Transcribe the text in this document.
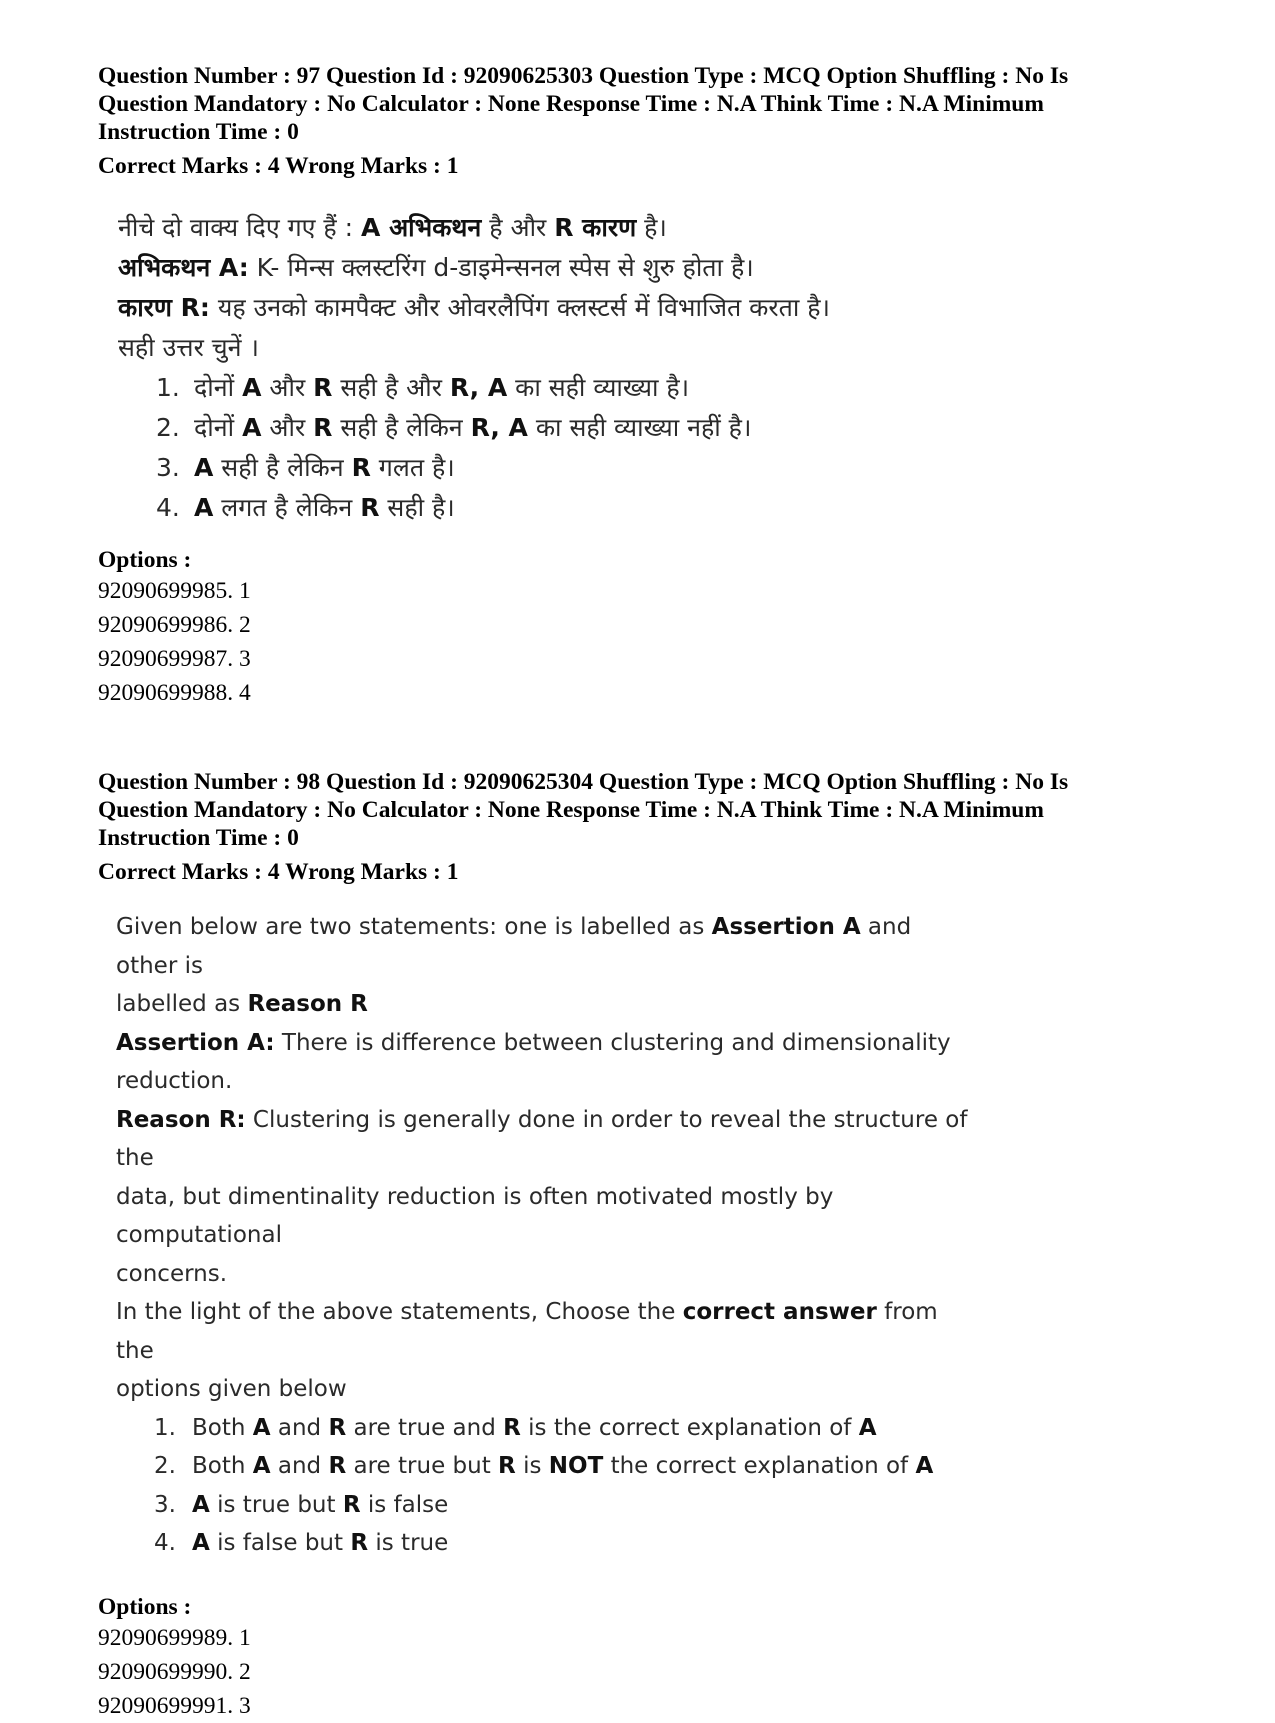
Question Number : 97 Question Id : 92090625303 Question Type : MCQ Option Shuffling : No Is

Question Mandatory : No Calculator : None Response Time : N.A Think Time : N.A Minimum

Instruction Time : 0

Correct Marks : 4 Wrong Marks : 1

नीचे दो वाक्य दिए गए हैं : A अभिकथन है और R कारण है।

अभिकथन A: K- मिन्स क्लस्टरिंग d-डाइमेन्सनल स्पेस से शुरु होता है।

कारण R: यह उनको कामपैक्ट और ओवरलैपिंग क्लस्टर्स में विभाजित करता है।

सही उत्तर चुनें ।

1. दोनों A और R सही है और R, A का सही व्याख्या है।
2. दोनों A और R सही है लेकिन R, A का सही व्याख्या नहीं है।
3. A सही है लेकिन R गलत है।
4. A लगत है लेकिन R सही है।

Options :

92090699985. 1

92090699986. 2

92090699987. 3

92090699988. 4

Question Number : 98 Question Id : 92090625304 Question Type : MCQ Option Shuffling : No Is

Question Mandatory : No Calculator : None Response Time : N.A Think Time : N.A Minimum

Instruction Time : 0

Correct Marks : 4 Wrong Marks : 1

Given below are two statements: one is labelled as Assertion A and other is

labelled as Reason R

Assertion A: There is difference between clustering and dimensionality

reduction.

Reason R: Clustering is generally done in order to reveal the structure of the

data, but dimentinality reduction is often motivated mostly by computational

concerns.

In the light of the above statements, Choose the correct answer from the

options given below

1. Both A and R are true and R is the correct explanation of A
2. Both A and R are true but R is NOT the correct explanation of A
3. A is true but R is false
4. A is false but R is true

Options :

92090699989. 1

92090699990. 2

92090699991. 3
